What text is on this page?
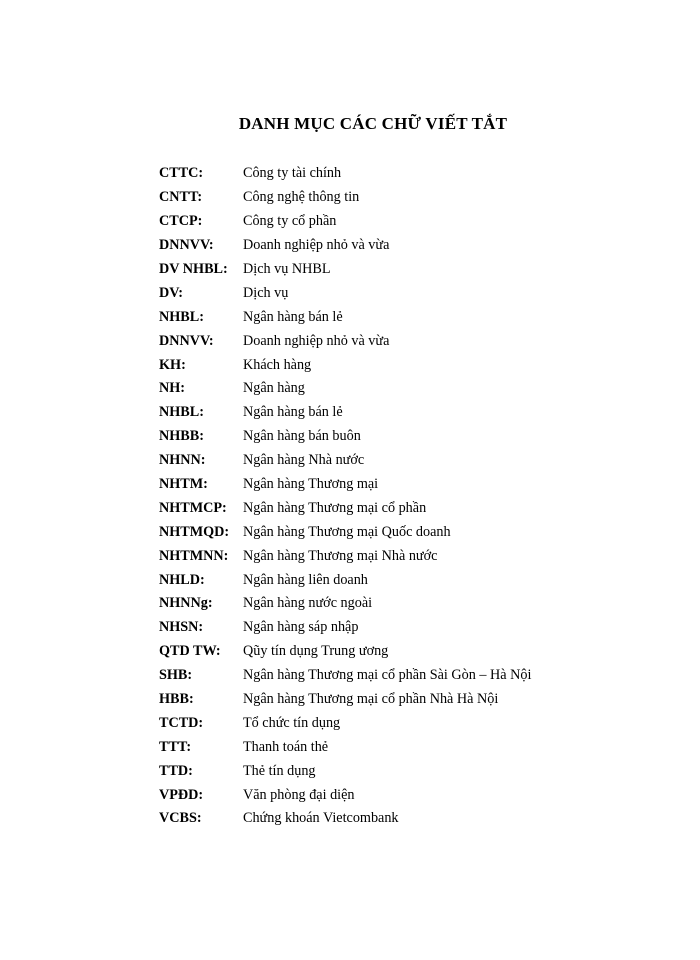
DANH MỤC CÁC CHỮ VIẾT TẮT
CTTC:	Công ty tài chính
CNTT:	Công nghệ thông tin
CTCP:	Công ty cổ phần
DNNVV:	Doanh nghiệp nhỏ và vừa
DV NHBL:	Dịch vụ NHBL
DV:	Dịch vụ
NHBL:	Ngân hàng bán lẻ
DNNVV:	Doanh nghiệp nhỏ và vừa
KH:	Khách hàng
NH:	Ngân hàng
NHBL:	Ngân hàng bán lẻ
NHBB:	Ngân hàng bán buôn
NHNN:	Ngân hàng Nhà nước
NHTM:	Ngân hàng Thương mại
NHTMCP:	Ngân hàng Thương mại cổ phần
NHTMQD: Ngân hàng Thương mại Quốc doanh
NHTMNN:	Ngân hàng Thương mại Nhà nước
NHLD:	Ngân hàng liên doanh
NHNNg:	Ngân hàng nước ngoài
NHSN:	Ngân hàng sáp nhập
QTD TW:	Qũy tín dụng Trung ương
SHB:	Ngân hàng Thương mại cổ phần Sài Gòn – Hà Nội
HBB:	Ngân hàng Thương mại cổ phần Nhà Hà Nội
TCTD:	Tổ chức tín dụng
TTT:	Thanh toán thẻ
TTD:	Thẻ tín dụng
VPĐD:	Văn phòng đại diện
VCBS:	Chứng khoán Vietcombank
